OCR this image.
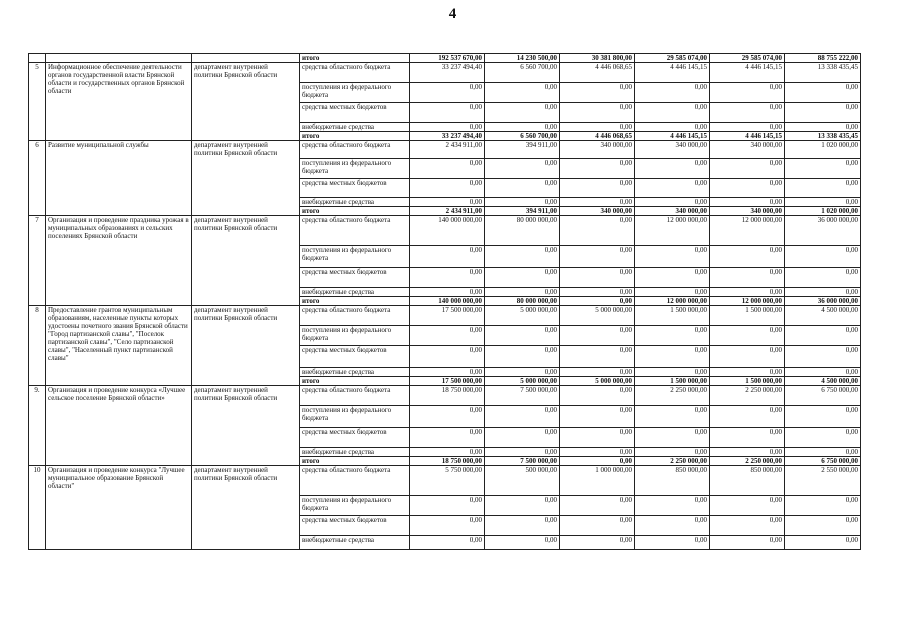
4
			итого	192 537 670,00	14 230 500,00	30 381 800,00	29 585 074,00	29 585 074,00	88 755 222,00
5	Информационное обеспечение деятельности органов государственной власти Брянской области и государственных органов Брянской области	департамент внутренней политики Брянской области	средства областного бюджета	33 237 494,40	6 560 700,00	4 446 068,65	4 446 145,15	4 446 145,15	13 338 435,45
			поступления из федерального бюджета	0,00	0,00	0,00	0,00	0,00	0,00
			средства местных бюджетов	0,00	0,00	0,00	0,00	0,00	0,00
			внебюджетные средства	0,00	0,00	0,00	0,00	0,00	0,00
			итого	33 237 494,40	6 560 700,00	4 446 068,65	4 446 145,15	4 446 145,15	13 338 435,45
6	Развитие муниципальной службы	департамент внутренней политики Брянской области	средства областного бюджета	2 434 911,00	394 911,00	340 000,00	340 000,00	340 000,00	1 020 000,00
			поступления из федерального бюджета	0,00	0,00	0,00	0,00	0,00	0,00
			средства местных бюджетов	0,00	0,00	0,00	0,00	0,00	0,00
			внебюджетные средства	0,00	0,00	0,00	0,00	0,00	0,00
			итого	2 434 911,00	394 911,00	340 000,00	340 000,00	340 000,00	1 020 000,00
7	Организация и проведение праздника урожая в муниципальных образованиях и сельских поселениях Брянской области	департамент внутренней политики Брянской области	средства областного бюджета	140 000 000,00	80 000 000,00	0,00	12 000 000,00	12 000 000,00	36 000 000,00
			поступления из федерального бюджета	0,00	0,00	0,00	0,00	0,00	0,00
			средства местных бюджетов	0,00	0,00	0,00	0,00	0,00	0,00
			внебюджетные средства	0,00	0,00	0,00	0,00	0,00	0,00
			итого	140 000 000,00	80 000 000,00	0,00	12 000 000,00	12 000 000,00	36 000 000,00
8	Предоставление грантов муниципальным образованиям, населенные пункты которых удостоены почетного звания Брянской области "Город партизанской славы", "Поселок партизанской славы", "Село партизанской славы", "Населенный пункт партизанской славы"	департамент внутренней политики Брянской области	средства областного бюджета	17 500 000,00	5 000 000,00	5 000 000,00	1 500 000,00	1 500 000,00	4 500 000,00
			поступления из федерального бюджета	0,00	0,00	0,00	0,00	0,00	0,00
			средства местных бюджетов	0,00	0,00	0,00	0,00	0,00	0,00
			внебюджетные средства	0,00	0,00	0,00	0,00	0,00	0,00
			итого	17 500 000,00	5 000 000,00	5 000 000,00	1 500 000,00	1 500 000,00	4 500 000,00
9.	Организация и проведение конкурса «Лучшее сельское поселение Брянской области»	департамент внутренней политики Брянской области	средства областного бюджета	18 750 000,00	7 500 000,00	0,00	2 250 000,00	2 250 000,00	6 750 000,00
			поступления из федерального бюджета	0,00	0,00	0,00	0,00	0,00	0,00
			средства местных бюджетов	0,00	0,00	0,00	0,00	0,00	0,00
			внебюджетные средства	0,00	0,00	0,00	0,00	0,00	0,00
			итого	18 750 000,00	7 500 000,00	0,00	2 250 000,00	2 250 000,00	6 750 000,00
10	Организация и проведение конкурса "Лучшее муниципальное образование Брянской области"	департамент внутренней политики Брянской области	средства областного бюджета	5 750 000,00	500 000,00	1 000 000,00	850 000,00	850 000,00	2 550 000,00
			поступления из федерального бюджета	0,00	0,00	0,00	0,00	0,00	0,00
			средства местных бюджетов	0,00	0,00	0,00	0,00	0,00	0,00
			внебюджетные средства	0,00	0,00	0,00	0,00	0,00	0,00
